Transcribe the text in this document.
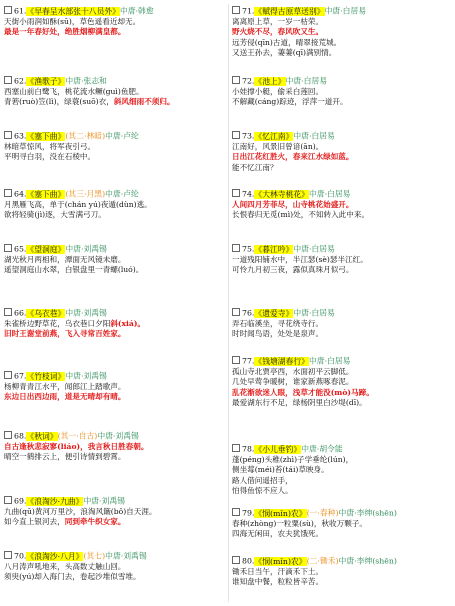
61.《早春呈水部张十八员外》中唐·韩愈
天街小雨润如酥(sū)，草色遥看近却无。
最是一年春好处，绝胜烟柳满皇都。
62.《渔歌子》中唐·张志和
西塞山前白鹭飞，桃花流水鳜(guì)鱼肥。
青箬(ruò)笠(lì)，绿蓑(suō)衣，斜风细雨不须归。
63.《塞下曲》(其二·林暗)中唐·卢纶
林暗草惊风，将军夜引弓。
平明寻白羽，没在石棱中。
64.《塞下曲》(其三·月黑)中唐·卢纶
月黑雁飞高，单于(chán yú)夜遁(dùn)逃。
欲将轻骑(jì)逐，大雪满弓刀。
65.《望洞庭》中唐·刘禹锡
湖光秋月两相和，潭面无风镜未磨。
遥望洞庭山水翠，白银盘里一青螺(luó)。
66.《乌衣巷》中唐·刘禹锡
朱雀桥边野草花，乌衣巷口夕阳斜(xiá)。
旧时王谢堂前燕，飞入寻常百姓家。
67.《竹枝词》中唐·刘禹锡
杨柳青青江水平，闻郎江上踏歌声。
东边日出西边雨，道是无晴却有晴。
68.《秋词》(其一·自古)中唐·刘禹锡
自古逢秋悲寂寥(liáo)，我言秋日胜春朝。
晴空一鹤排云上，便引诗情到碧霄。
69.《浪淘沙·九曲》中唐·刘禹锡
九曲(qū)黄河万里沙，浪淘风簸(bǒ)自天涯。
如今直上银河去，同到牵牛织女家。
70.《浪淘沙·八月》(其七)中唐·刘禹锡
八月涛声吼地来，头高数丈触山回。
须臾(yú)却入海门去，卷起沙堆似雪堆。
71.《赋得古原草送别》中唐·白居易
离离原上草，一岁一枯荣。
野火烧不尽，春风吹又生。
远芳侵(qīn)古道，晴翠接荒城。
又送王孙去，萋萋(qī)满别情。
72.《池上》中唐·白居易
小娃撑小艇，偷采白莲回。
不解藏(cáng)踪迹，浮萍一道开。
73.《忆江南》中唐·白居易
江南好，风景旧曾谙(ān)。
日出江花红胜火，春来江水绿如蓝。
能不忆江南？
74.《大林寺桃花》中唐·白居易
人间四月芳菲尽，山寺桃花始盛开。
长恨春归无觅(mì)处，不知转入此中来。
75.《暮江吟》中唐·白居易
一道残阳铺水中，半江瑟(sè)瑟半江红。
可怜九月初三夜，露似真珠月似弓。
76.《遗爱寺》中唐·白居易
弄石临溪坐，寻花绕寺行。
时时闻鸟语，处处是泉声。
77.《钱塘湖春行》中唐·白居易
孤山寺北贾亭西，水面初平云脚低。
几处早莺争暖树，谁家新燕啄春泥。
乱花渐欲迷人眼，浅草才能没(mò)马蹄。
最爱湖东行不足，绿杨阴里白沙堤(dī)。
78.《小儿垂钓》中唐·胡令能
蓬(péng)头稚(zhì)子学垂纶(lún)，
侧坐莓(méi)苔(tái)草映身。
路人借问遥招手，
怕得鱼惊不应人。
79.《悯(mǐn)农》(一·春种)中唐·李绅(shēn)
春种(zhòng)一粒粟(sù)，秋收万颗子。
四海无闲田，农夫犹饿死。
80.《悯(mǐn)农》(二·锄禾)中唐·李绅(shēn)
锄禾日当午，汗滴禾下土。
谁知盘中餐，粒粒皆辛苦。
